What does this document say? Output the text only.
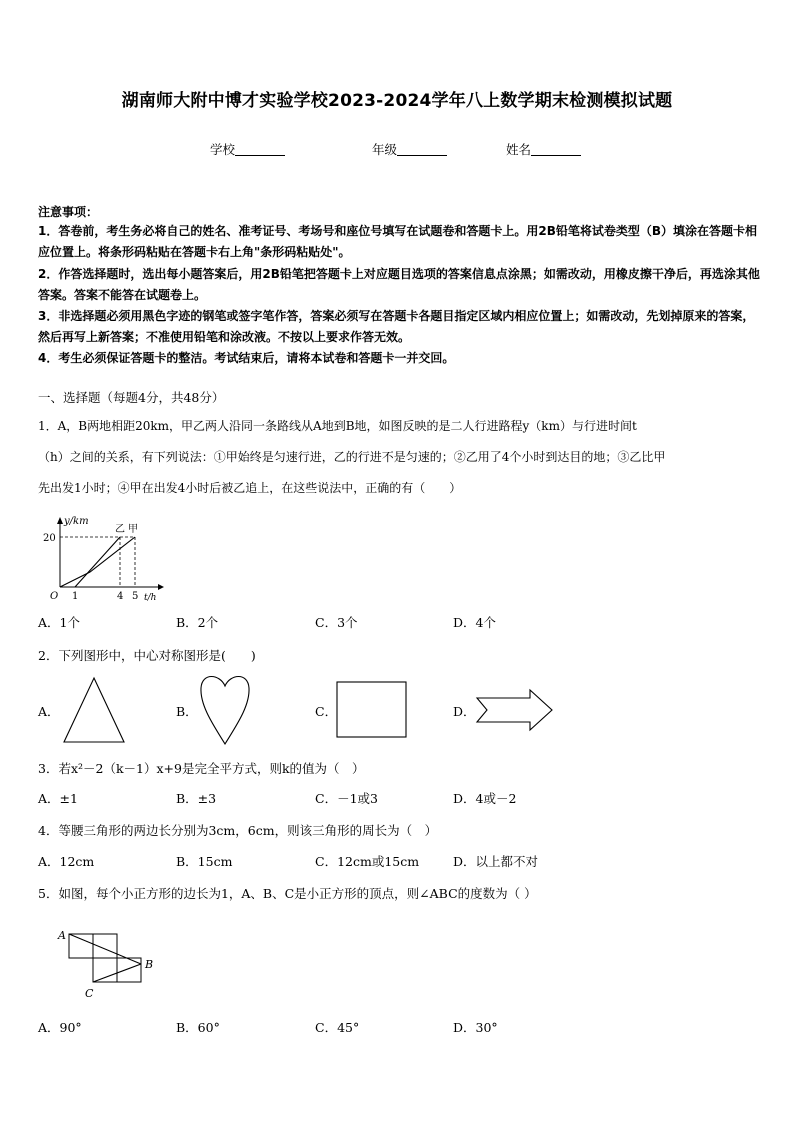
湖南师大附中博才实验学校2023-2024学年八上数学期末检测模拟试题
学校	年级	姓名
注意事项：
1．答卷前，考生务必将自己的姓名、准考证号、考场号和座位号填写在试题卷和答题卡上。用2B铅笔将试卷类型（B）填涂在答题卡相应位置上。将条形码粘贴在答题卡右上角"条形码粘贴处"。
2．作答选择题时，选出每小题答案后，用2B铅笔把答题卡上对应题目选项的答案信息点涂黑；如需改动，用橡皮擦干净后，再选涂其他答案。答案不能答在试题卷上。
3．非选择题必须用黑色字迹的钢笔或签字笔作答，答案必须写在答题卡各题目指定区域内相应位置上；如需改动，先划掉原来的答案，然后再写上新答案；不准使用铅笔和涂改液。不按以上要求作答无效。
4．考生必须保证答题卡的整洁。考试结束后，请将本试卷和答题卡一并交回。
一、选择题（每题4分，共48分）
1．A，B两地相距20km，甲乙两人沿同一条路线从A地到B地，如图反映的是二人行进路程y（km）与行进时间t
（h）之间的关系，有下列说法：①甲始终是匀速行进，乙的行进不是匀速的；②乙用了4个小时到达目的地；③乙比甲
先出发1小时；④甲在出发4小时后被乙追上，在这些说法中，正确的有（　　）
y/km
t/h
20
O 1	4 5
乙 甲
A．1个	B．2个	C．3个	D．4个
2．下列图形中，中心对称图形是(　　)
A．	B．	C．	D．
3．若x²－2（k－1）x+9是完全平方式，则k的值为（　）
A．±1	B．±3	C．－1或3	D．4或－2
4．等腰三角形的两边长分别为3cm，6cm，则该三角形的周长为（　）
A．12cm	B．15cm	C．12cm或15cm	D．以上都不对
5．如图，每个小正方形的边长为1，A、B、C是小正方形的顶点，则∠ABC的度数为（ ）
A
B
C
A．90°	B．60°	C．45°	D．30°
